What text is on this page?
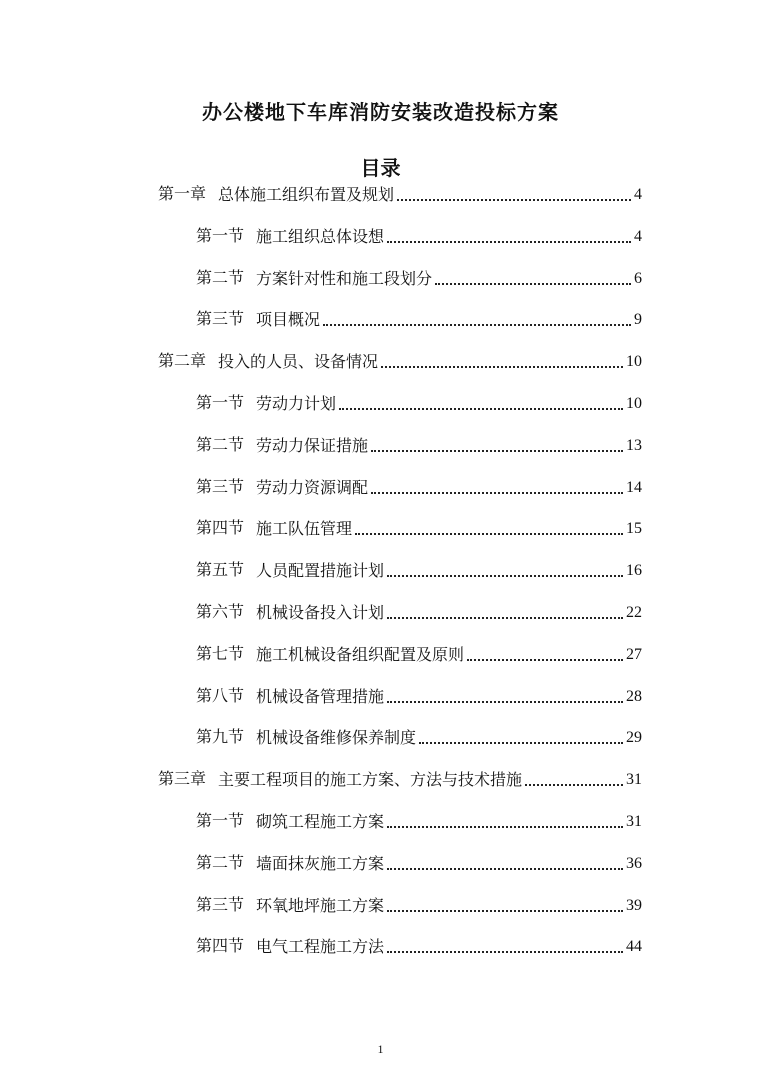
办公楼地下车库消防安装改造投标方案
目录
第一章 总体施工组织布置及规划	4
第一节 施工组织总体设想	4
第二节 方案针对性和施工段划分	6
第三节 项目概况	9
第二章 投入的人员、设备情况	10
第一节 劳动力计划	10
第二节 劳动力保证措施	13
第三节 劳动力资源调配	14
第四节 施工队伍管理	15
第五节 人员配置措施计划	16
第六节 机械设备投入计划	22
第七节 施工机械设备组织配置及原则	27
第八节 机械设备管理措施	28
第九节 机械设备维修保养制度	29
第三章 主要工程项目的施工方案、方法与技术措施	31
第一节 砌筑工程施工方案	31
第二节 墙面抹灰施工方案	36
第三节 环氧地坪施工方案	39
第四节 电气工程施工方法	44
1
